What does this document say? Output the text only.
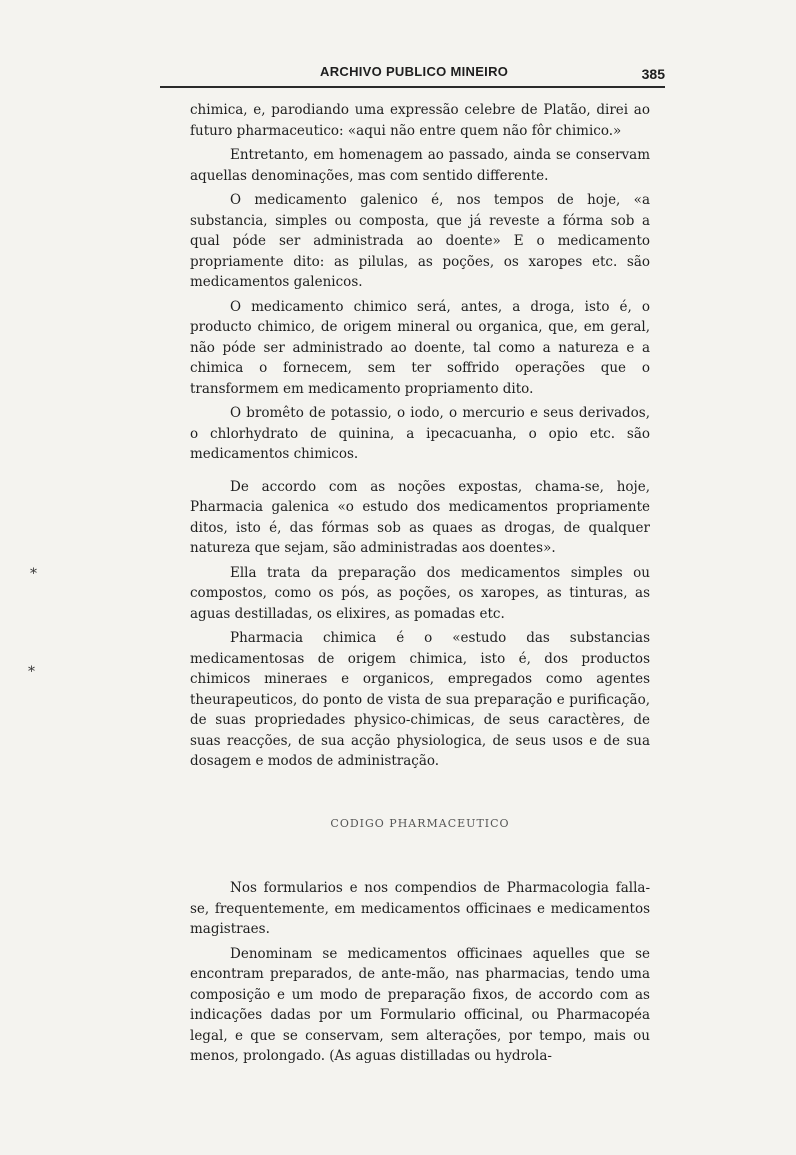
ARCHIVO PUBLICO MINEIRO	385
*
*

chimica, e, parodiando uma expressão celebre de Platão, direi ao futuro pharmaceutico: «aqui não entre quem não fôr chimico.»

Entretanto, em homenagem ao passado, ainda se conservam aquellas denominações, mas com sentido differente.

O medicamento galenico é, nos tempos de hoje, «a substancia, simples ou composta, que já reveste a fórma sob a qual póde ser administrada ao doente» E o medicamento propriamente dito: as pilulas, as poções, os xaropes etc. são medicamentos galenicos.

O medicamento chimico será, antes, a droga, isto é, o producto chimico, de origem mineral ou organica, que, em geral, não póde ser administrado ao doente, tal como a natureza e a chimica o fornecem, sem ter soffrido operações que o transformem em medicamento propriamento dito.

O bromêto de potassio, o iodo, o mercurio e seus derivados, o chlorhydrato de quinina, a ipecacuanha, o opio etc. são medicamentos chimicos.

De accordo com as noções expostas, chama-se, hoje, Pharmacia galenica «o estudo dos medicamentos propriamente ditos, isto é, das fórmas sob as quaes as drogas, de qualquer natureza que sejam, são administradas aos doentes».

Ella trata da preparação dos medicamentos simples ou compostos, como os pós, as poções, os xaropes, as tinturas, as aguas destilladas, os elixires, as pomadas etc.

Pharmacia chimica é o «estudo das substancias medicamentosas de origem chimica, isto é, dos productos chimicos mineraes e organicos, empregados como agentes theurapeuticos, do ponto de vista de sua preparação e purificação, de suas propriedades physico-chimicas, de seus caractères, de suas reacções, de sua acção physiologica, de seus usos e de sua dosagem e modos de administração.

CODIGO PHARMACEUTICO

Nos formularios e nos compendios de Pharmacologia falla-se, frequentemente, em medicamentos officinaes e medicamentos magistraes.

Denominam se medicamentos officinaes aquelles que se encontram preparados, de ante-mão, nas pharmacias, tendo uma composição e um modo de preparação fixos, de accordo com as indicações dadas por um Formulario officinal, ou Pharmacopéa legal, e que se conservam, sem alterações, por tempo, mais ou menos, prolongado. (As aguas distilladas ou hydrola-
